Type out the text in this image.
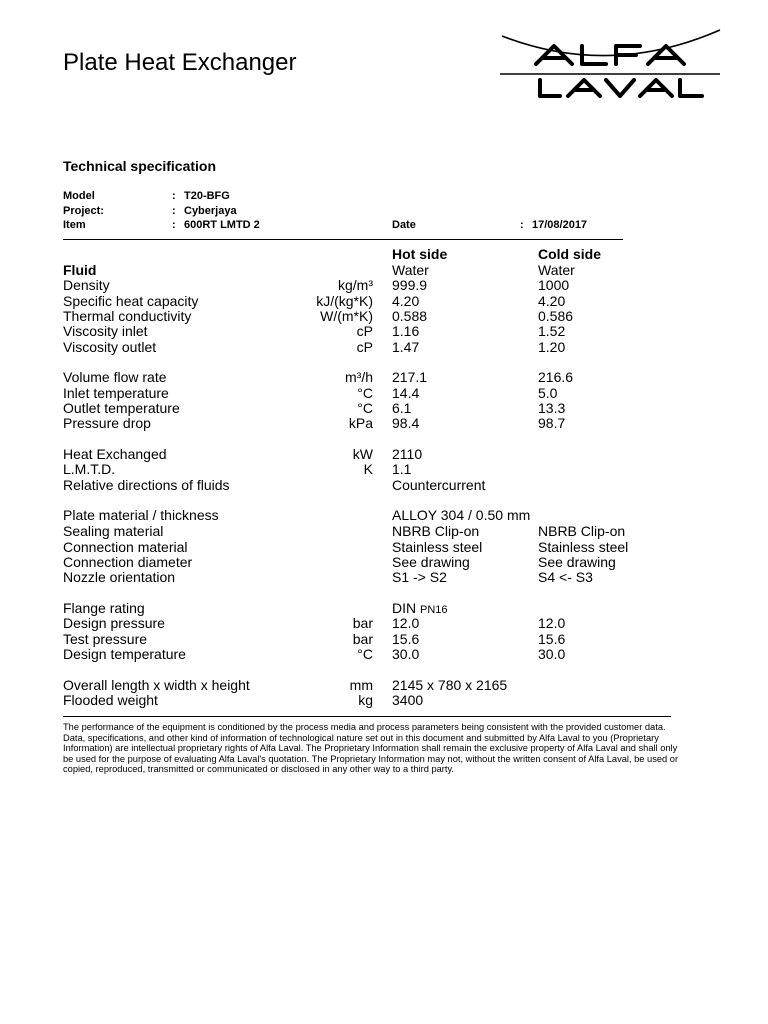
Plate Heat Exchanger
Technical specification
Model	: T20-BFG
Project:	: Cyberjaya
Item	: 600RT LMTD 2	Date	: 17/08/2017
Hot side	Cold side
Fluid	Water	Water
Density	kg/m³ 999.9	1000
Specific heat capacity	kJ/(kg*K) 4.20	4.20
Thermal conductivity	W/(m*K) 0.588	0.586
Viscosity inlet	cP 1.16	1.52
Viscosity outlet	cP 1.47	1.20
Volume flow rate	m³/h 217.1	216.6
Inlet temperature	°C 14.4	5.0
Outlet temperature	°C 6.1	13.3
Pressure drop	kPa 98.4	98.7
Heat Exchanged	kW 2110
L.M.T.D.	K 1.1
Relative directions of fluids	Countercurrent
Plate material / thickness	ALLOY 304 / 0.50 mm
Sealing material	NBRB Clip-on	NBRB Clip-on
Connection material	Stainless steel	Stainless steel
Connection diameter	See drawing	See drawing
Nozzle orientation	S1 -> S2	S4 <- S3
Flange rating	DIN PN16
Design pressure	bar 12.0	12.0
Test pressure	bar 15.6	15.6
Design temperature	°C 30.0	30.0
Overall length x width x height	mm 2145 x 780 x 2165
Flooded weight	kg 3400

The performance of the equipment is conditioned by the process media and process parameters being consistent with the provided customer data.

Data, specifications, and other kind of information of technological nature set out in this document and submitted by Alfa Laval to you (Proprietary Information) are intellectual proprietary rights of Alfa Laval. The Proprietary Information shall remain the exclusive property of Alfa Laval and shall only be used for the purpose of evaluating Alfa Laval's quotation. The Proprietary Information may not, without the written consent of Alfa Laval, be used or copied, reproduced, transmitted or communicated or disclosed in any other way to a third party.
